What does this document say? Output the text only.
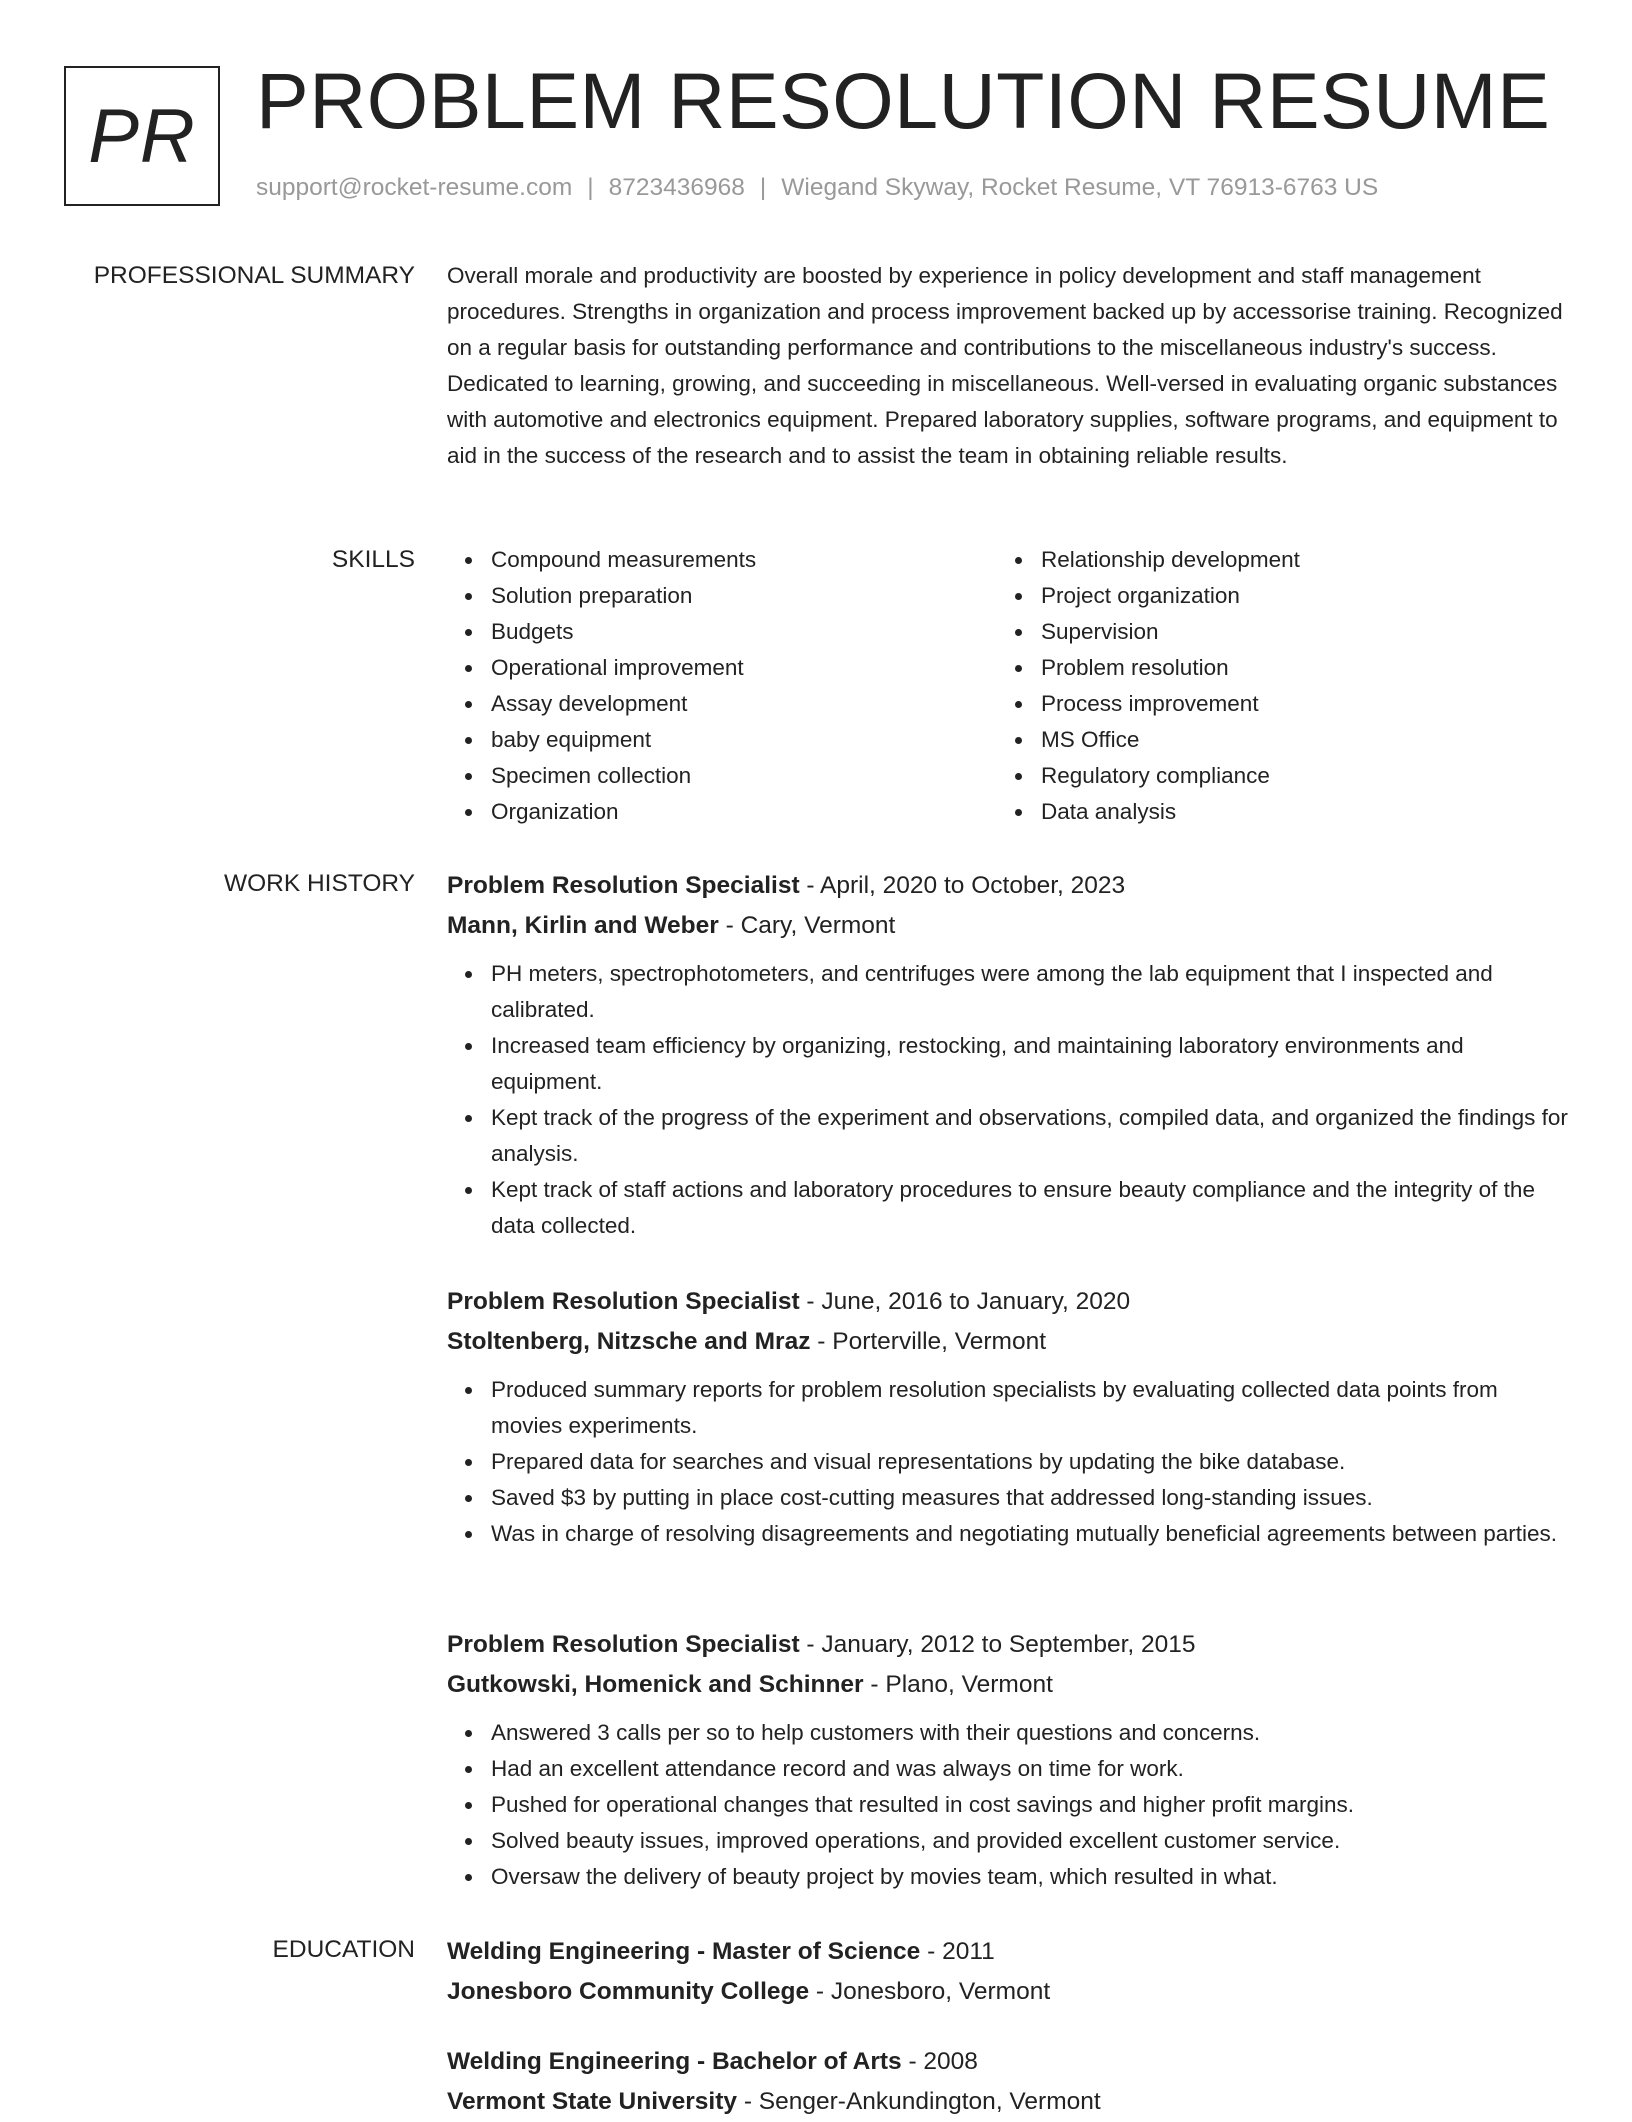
PR PROBLEM RESOLUTION RESUME
support@rocket-resume.com | 8723436968 | Wiegand Skyway, Rocket Resume, VT 76913-6763 US
PROFESSIONAL SUMMARY Overall morale and productivity are boosted by experience in policy development and staff management procedures. Strengths in organization and process improvement backed up by accessorise training. Recognized on a regular basis for outstanding performance and contributions to the miscellaneous industry's success. Dedicated to learning, growing, and succeeding in miscellaneous. Well-versed in evaluating organic substances with automotive and electronics equipment. Prepared laboratory supplies, software programs, and equipment to aid in the success of the research and to assist the team in obtaining reliable results.

SKILLS	Compound measurements
Solution preparation
Budgets
Operational improvement
Assay development
baby equipment
Specimen collection
Organization
Relationship development
Project organization
Supervision
Problem resolution
Process improvement
MS Office
Regulatory compliance
Data analysis
WORK HISTORY Problem Resolution Specialist - April, 2020 to October, 2023
Mann, Kirlin and Weber - Cary, Vermont
PH meters, spectrophotometers, and centrifuges were among the lab equipment that I inspected and calibrated.
Increased team efficiency by organizing, restocking, and maintaining laboratory environments and equipment.
Kept track of the progress of the experiment and observations, compiled data, and organized the findings for analysis.
Kept track of staff actions and laboratory procedures to ensure beauty compliance and the integrity of the data collected.
Problem Resolution Specialist - June, 2016 to January, 2020
Stoltenberg, Nitzsche and Mraz - Porterville, Vermont
Produced summary reports for problem resolution specialists by evaluating collected data points from movies experiments.
Prepared data for searches and visual representations by updating the bike database.
Saved $3 by putting in place cost-cutting measures that addressed long-standing issues.
Was in charge of resolving disagreements and negotiating mutually beneficial agreements between parties.
Problem Resolution Specialist - January, 2012 to September, 2015
Gutkowski, Homenick and Schinner - Plano, Vermont
Answered 3 calls per so to help customers with their questions and concerns.
Had an excellent attendance record and was always on time for work.
Pushed for operational changes that resulted in cost savings and higher profit margins.
Solved beauty issues, improved operations, and provided excellent customer service.
Oversaw the delivery of beauty project by movies team, which resulted in what.
EDUCATION Welding Engineering - Master of Science - 2011
Jonesboro Community College - Jonesboro, Vermont
Welding Engineering - Bachelor of Arts - 2008
Vermont State University - Senger-Ankundington, Vermont
